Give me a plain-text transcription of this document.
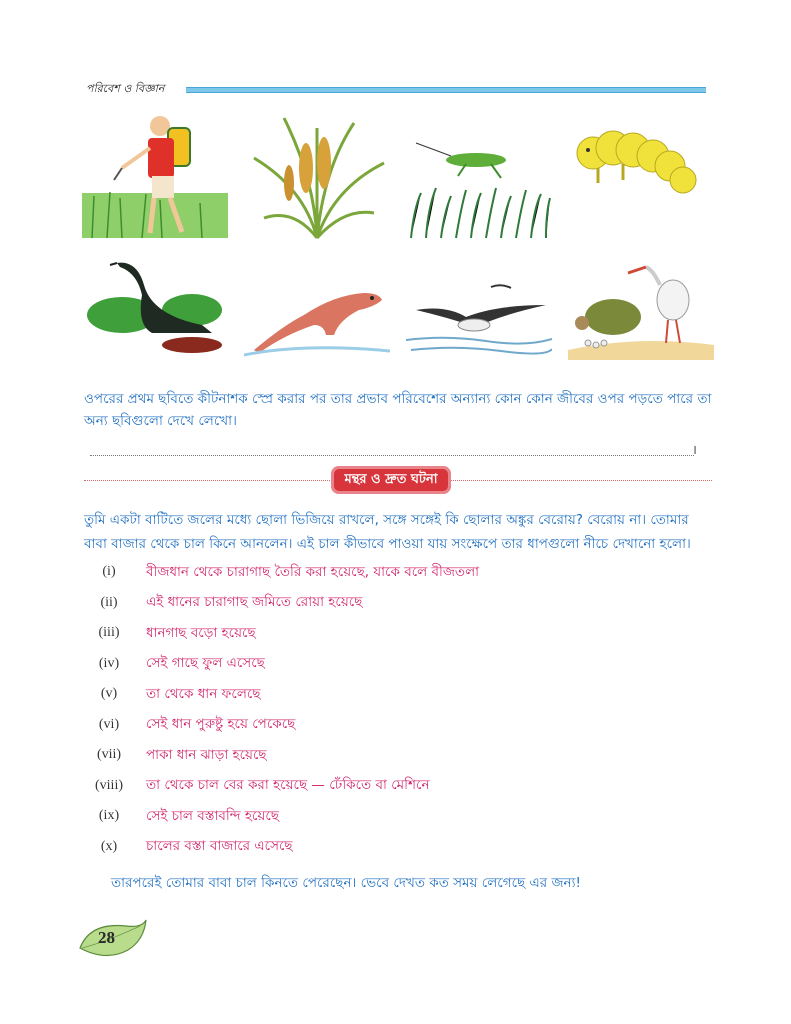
পরিবেশ ও বিজ্ঞান
ওপরের প্রথম ছবিতে কীটনাশক স্প্রে করার পর তার প্রভাব পরিবেশের অন্যান্য কোন কোন জীবের ওপর পড়তে পারে তা অন্য ছবিগুলো দেখে লেখো।
।
মন্থর ও দ্রুত ঘটনা
তুমি একটা বাটিতে জলের মধ্যে ছোলা ভিজিয়ে রাখলে, সঙ্গে সঙ্গেই কি ছোলার অঙ্কুর বেরোয়? বেরোয় না। তোমার বাবা বাজার থেকে চাল কিনে আনলেন। এই চাল কীভাবে পাওয়া যায় সংক্ষেপে তার ধাপগুলো নীচে দেখানো হলো।
(i)	বীজধান থেকে চারাগাছ তৈরি করা হয়েছে, যাকে বলে বীজতলা
(ii)	এই ধানের চারাগাছ জমিতে রোয়া হয়েছে
(iii)	ধানগাছ বড়ো হয়েছে
(iv)	সেই গাছে ফুল এসেছে
(v)	তা থেকে ধান ফলেছে
(vi)	সেই ধান পুরুষ্টু হয়ে পেকেছে
(vii)	পাকা ধান ঝাড়া হয়েছে
(viii)	তা থেকে চাল বের করা হয়েছে — ঢেঁকিতে বা মেশিনে
(ix)	সেই চাল বস্তাবন্দি হয়েছে
(x)	চালের বস্তা বাজারে এসেছে
তারপরেই তোমার বাবা চাল কিনতে পেরেছেন। ভেবে দেখত কত সময় লেগেছে এর জন্য!
28
